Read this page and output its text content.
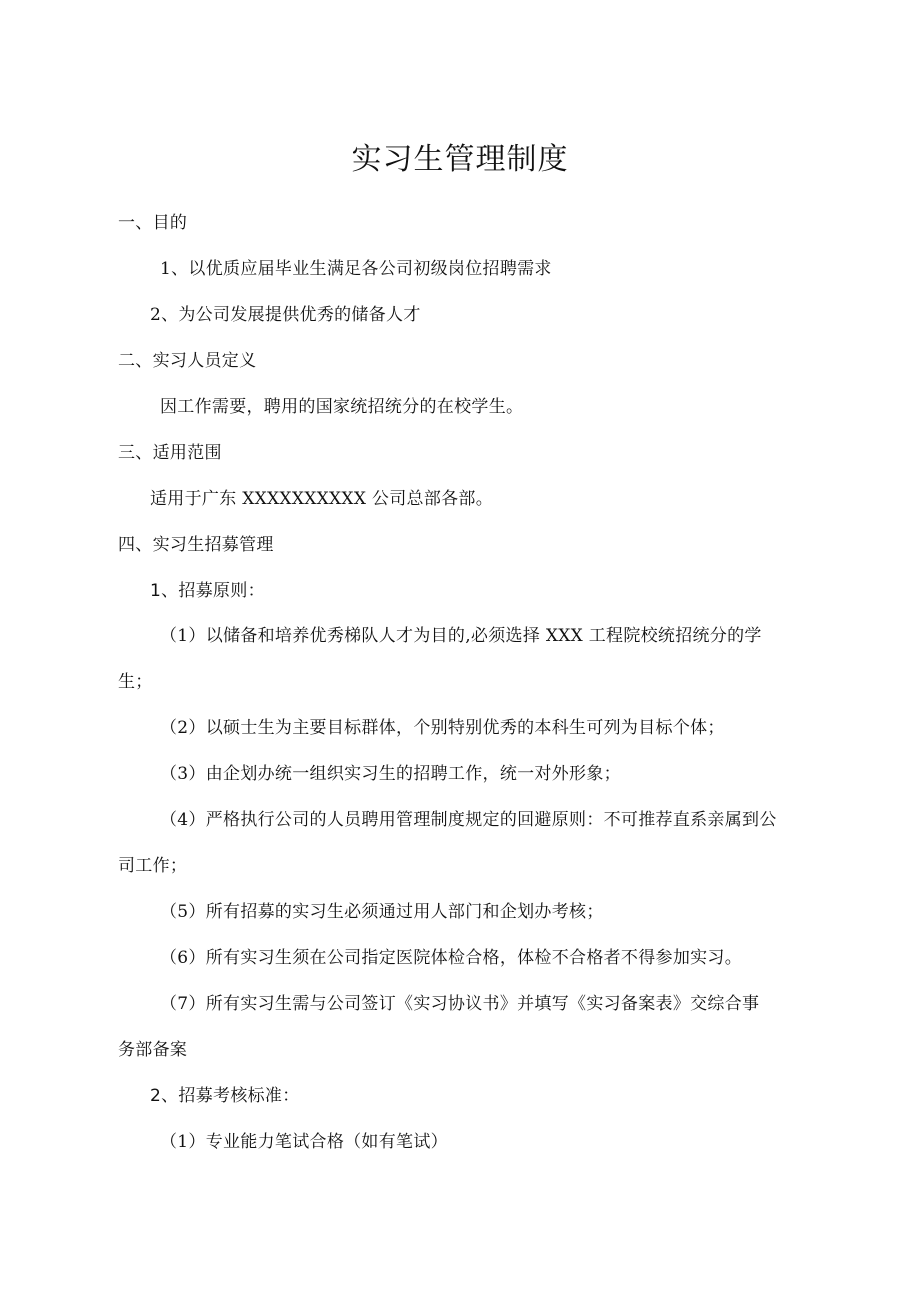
实习生管理制度
一、目的
1、以优质应届毕业生满足各公司初级岗位招聘需求
2、为公司发展提供优秀的储备人才
二、实习人员定义
因工作需要，聘用的国家统招统分的在校学生。
三、适用范围
适用于广东 XXXXXXXXXX 公司总部各部。
四、实习生招募管理
1、招募原则：
（1）以储备和培养优秀梯队人才为目的,必须选择 XXX 工程院校统招统分的学
生；
（2）以硕士生为主要目标群体，个别特别优秀的本科生可列为目标个体；
（3）由企划办统一组织实习生的招聘工作，统一对外形象；
（4）严格执行公司的人员聘用管理制度规定的回避原则：不可推荐直系亲属到公
司工作；
（5）所有招募的实习生必须通过用人部门和企划办考核；
（6）所有实习生须在公司指定医院体检合格，体检不合格者不得参加实习。
（7）所有实习生需与公司签订《实习协议书》并填写《实习备案表》交综合事
务部备案
2、招募考核标准：
（1）专业能力笔试合格（如有笔试）
